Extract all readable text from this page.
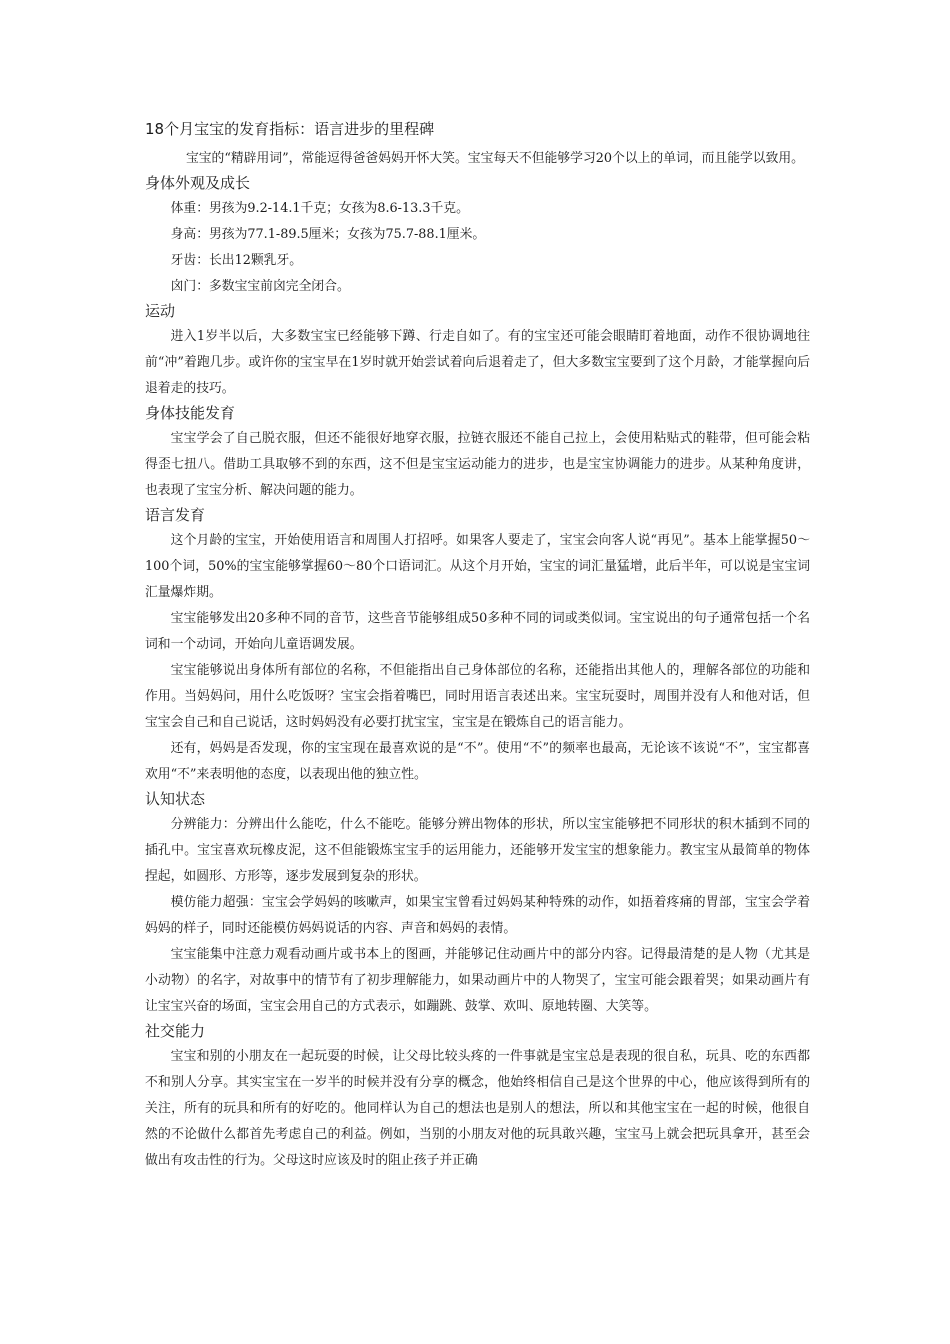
18个月宝宝的发育指标：语言进步的里程碑

宝宝的“精辟用词”，常能逗得爸爸妈妈开怀大笑。宝宝每天不但能够学习20个以上的单词，而且能学以致用。

身体外观及成长

体重：男孩为9.2-14.1千克；女孩为8.6-13.3千克。

身高：男孩为77.1-89.5厘米；女孩为75.7-88.1厘米。

牙齿：长出12颗乳牙。

囟门：多数宝宝前囟完全闭合。

运动

进入1岁半以后，大多数宝宝已经能够下蹲、行走自如了。有的宝宝还可能会眼睛盯着地面，动作不很协调地往前“冲”着跑几步。或许你的宝宝早在1岁时就开始尝试着向后退着走了，但大多数宝宝要到了这个月龄，才能掌握向后退着走的技巧。

身体技能发育

宝宝学会了自己脱衣服，但还不能很好地穿衣服，拉链衣服还不能自己拉上，会使用粘贴式的鞋带，但可能会粘得歪七扭八。借助工具取够不到的东西，这不但是宝宝运动能力的进步，也是宝宝协调能力的进步。从某种角度讲，也表现了宝宝分析、解决问题的能力。

语言发育

这个月龄的宝宝，开始使用语言和周围人打招呼。如果客人要走了，宝宝会向客人说“再见”。基本上能掌握50～100个词，50%的宝宝能够掌握60～80个口语词汇。从这个月开始，宝宝的词汇量猛增，此后半年，可以说是宝宝词汇量爆炸期。

宝宝能够发出20多种不同的音节，这些音节能够组成50多种不同的词或类似词。宝宝说出的句子通常包括一个名词和一个动词，开始向儿童语调发展。

宝宝能够说出身体所有部位的名称，不但能指出自己身体部位的名称，还能指出其他人的，理解各部位的功能和作用。当妈妈问，用什么吃饭呀？宝宝会指着嘴巴，同时用语言表述出来。宝宝玩耍时，周围并没有人和他对话，但宝宝会自己和自己说话，这时妈妈没有必要打扰宝宝，宝宝是在锻炼自己的语言能力。

还有，妈妈是否发现，你的宝宝现在最喜欢说的是“不”。使用“不”的频率也最高，无论该不该说“不”，宝宝都喜欢用“不”来表明他的态度，以表现出他的独立性。

认知状态

分辨能力：分辨出什么能吃，什么不能吃。能够分辨出物体的形状，所以宝宝能够把不同形状的积木插到不同的插孔中。宝宝喜欢玩橡皮泥，这不但能锻炼宝宝手的运用能力，还能够开发宝宝的想象能力。教宝宝从最简单的物体捏起，如圆形、方形等，逐步发展到复杂的形状。

模仿能力超强：宝宝会学妈妈的咳嗽声，如果宝宝曾看过妈妈某种特殊的动作，如捂着疼痛的胃部，宝宝会学着妈妈的样子，同时还能模仿妈妈说话的内容、声音和妈妈的表情。

宝宝能集中注意力观看动画片或书本上的图画，并能够记住动画片中的部分内容。记得最清楚的是人物（尤其是小动物）的名字，对故事中的情节有了初步理解能力，如果动画片中的人物哭了，宝宝可能会跟着哭；如果动画片有让宝宝兴奋的场面，宝宝会用自己的方式表示，如蹦跳、鼓掌、欢叫、原地转圈、大笑等。

社交能力

宝宝和别的小朋友在一起玩耍的时候，让父母比较头疼的一件事就是宝宝总是表现的很自私，玩具、吃的东西都不和别人分享。其实宝宝在一岁半的时候并没有分享的概念，他始终相信自己是这个世界的中心，他应该得到所有的关注，所有的玩具和所有的好吃的。他同样认为自己的想法也是别人的想法，所以和其他宝宝在一起的时候，他很自然的不论做什么都首先考虑自己的利益。例如，当别的小朋友对他的玩具敢兴趣，宝宝马上就会把玩具拿开，甚至会做出有攻击性的行为。父母这时应该及时的阻止孩子并正确
